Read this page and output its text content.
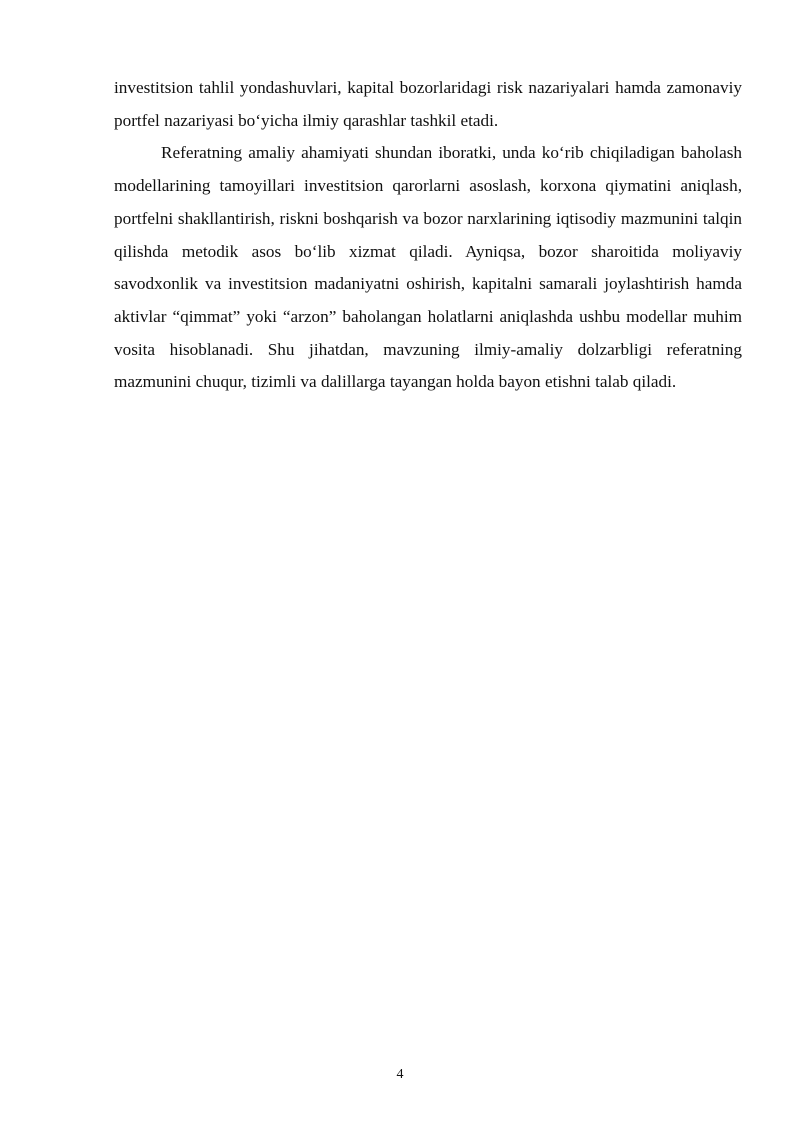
investitsion tahlil yondashuvlari, kapital bozorlaridagi risk nazariyalari hamda zamonaviy portfel nazariyasi bo‘yicha ilmiy qarashlar tashkil etadi.

Referatning amaliy ahamiyati shundan iboratki, unda ko‘rib chiqiladigan baholash modellarining tamoyillari investitsion qarorlarni asoslash, korxona qiymatini aniqlash, portfelni shakllantirish, riskni boshqarish va bozor narxlarining iqtisodiy mazmunini talqin qilishda metodik asos bo‘lib xizmat qiladi. Ayniqsa, bozor sharoitida moliyaviy savodxonlik va investitsion madaniyatni oshirish, kapitalni samarali joylashtirish hamda aktivlar “qimmat” yoki “arzon” baholangan holatlarni aniqlashda ushbu modellar muhim vosita hisoblanadi. Shu jihatdan, mavzuning ilmiy-amaliy dolzarbligi referatning mazmunini chuqur, tizimli va dalillarga tayangan holda bayon etishni talab qiladi.

4
